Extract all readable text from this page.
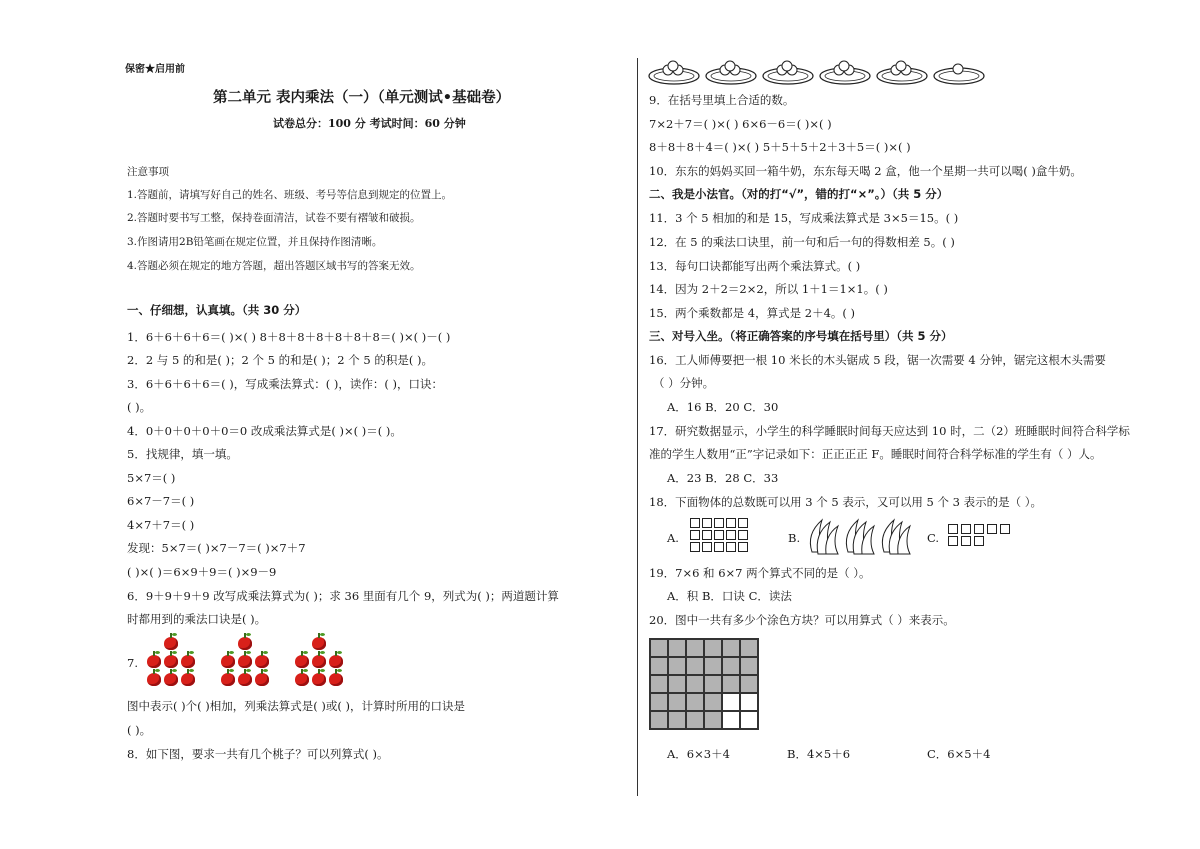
保密★启用前
第二单元 表内乘法（一）（单元测试•基础卷）
试卷总分：100 分 考试时间：60 分钟
注意事项
1.答题前，请填写好自己的姓名、班级、考号等信息到规定的位置上。
2.答题时要书写工整，保持卷面清洁，试卷不要有褶皱和破损。
3.作图请用2B铅笔画在规定位置，并且保持作图清晰。
4.答题必须在规定的地方答题，超出答题区域书写的答案无效。
一、仔细想，认真填。（共 30 分）
1．6＋6＋6＋6＝( )×( ) 8＋8＋8＋8＋8＋8＋8＝( )×( )－( )
2．2 与 5 的和是( )；2 个 5 的和是( )；2 个 5 的积是( )。
3．6＋6＋6＋6＝( )，写成乘法算式：( )，读作：( )，口诀：
( )。
4．0＋0＋0＋0＋0＝0 改成乘法算式是( )×( )＝( )。
5．找规律，填一填。
5×7＝( )
6×7－7＝( )
4×7＋7＝( )
发现：5×7＝( )×7－7＝( )×7＋7
( )×( )＝6×9＋9＝( )×9－9
6．9＋9＋9＋9 改写成乘法算式为( )；求 36 里面有几个 9，列式为( )；两道题计算
时都用到的乘法口诀是( )。
7.
图中表示( )个( )相加，列乘法算式是( )或( )，计算时所用的口诀是
( )。
8．如下图，要求一共有几个桃子？可以列算式( )。
9．在括号里填上合适的数。
7×2＋7＝( )×( ) 6×6－6＝( )×( )
8＋8＋8＋4＝( )×( ) 5＋5＋5＋2＋3＋5＝( )×( )
10．东东的妈妈买回一箱牛奶，东东每天喝 2 盒，他一个星期一共可以喝( )盒牛奶。
二、我是小法官。（对的打“√”，错的打“×”。）（共 5 分）
11．3 个 5 相加的和是 15，写成乘法算式是 3×5＝15。( )
12．在 5 的乘法口诀里，前一句和后一句的得数相差 5。( )
13．每句口诀都能写出两个乘法算式。( )
14．因为 2＋2＝2×2，所以 1＋1＝1×1。( )
15．两个乘数都是 4，算式是 2＋4。( )
三、对号入坐。（将正确答案的序号填在括号里）（共 5 分）
16．工人师傅要把一根 10 米长的木头锯成 5 段，锯一次需要 4 分钟，锯完这根木头需要
（ ）分钟。
A．16 B．20 C．30
17．研究数据显示，小学生的科学睡眠时间每天应达到 10 时，二（2）班睡眠时间符合科学标
准的学生人数用“正”字记录如下：正正正正 F。睡眠时间符合科学标准的学生有（ ）人。
A．23 B．28 C．33
18．下面物体的总数既可以用 3 个 5 表示，又可以用 5 个 3 表示的是（ ）。
A.	B.	C.
19．7×6 和 6×7 两个算式不同的是（ ）。
A．积 B．口诀 C．读法
20．图中一共有多少个涂色方块？可以用算式（ ）来表示。
A．6×3＋4	B．4×5＋6	C．6×5＋4
